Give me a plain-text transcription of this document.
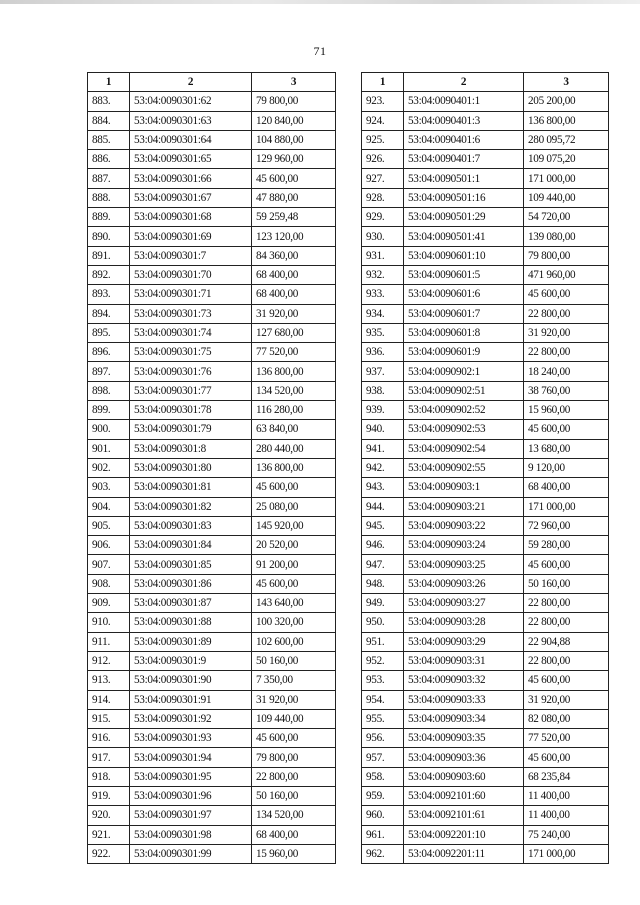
71
1	2	3
883.	53:04:0090301:62	79 800,00
884.	53:04:0090301:63	120 840,00
885.	53:04:0090301:64	104 880,00
886.	53:04:0090301:65	129 960,00
887.	53:04:0090301:66	45 600,00
888.	53:04:0090301:67	47 880,00
889.	53:04:0090301:68	59 259,48
890.	53:04:0090301:69	123 120,00
891.	53:04:0090301:7	84 360,00
892.	53:04:0090301:70	68 400,00
893.	53:04:0090301:71	68 400,00
894.	53:04:0090301:73	31 920,00
895.	53:04:0090301:74	127 680,00
896.	53:04:0090301:75	77 520,00
897.	53:04:0090301:76	136 800,00
898.	53:04:0090301:77	134 520,00
899.	53:04:0090301:78	116 280,00
900.	53:04:0090301:79	63 840,00
901.	53:04:0090301:8	280 440,00
902.	53:04:0090301:80	136 800,00
903.	53:04:0090301:81	45 600,00
904.	53:04:0090301:82	25 080,00
905.	53:04:0090301:83	145 920,00
906.	53:04:0090301:84	20 520,00
907.	53:04:0090301:85	91 200,00
908.	53:04:0090301:86	45 600,00
909.	53:04:0090301:87	143 640,00
910.	53:04:0090301:88	100 320,00
911.	53:04:0090301:89	102 600,00
912.	53:04:0090301:9	50 160,00
913.	53:04:0090301:90	7 350,00
914.	53:04:0090301:91	31 920,00
915.	53:04:0090301:92	109 440,00
916.	53:04:0090301:93	45 600,00
917.	53:04:0090301:94	79 800,00
918.	53:04:0090301:95	22 800,00
919.	53:04:0090301:96	50 160,00
920.	53:04:0090301:97	134 520,00
921.	53:04:0090301:98	68 400,00
922.	53:04:0090301:99	15 960,00
1	2	3
923.	53:04:0090401:1	205 200,00
924.	53:04:0090401:3	136 800,00
925.	53:04:0090401:6	280 095,72
926.	53:04:0090401:7	109 075,20
927.	53:04:0090501:1	171 000,00
928.	53:04:0090501:16	109 440,00
929.	53:04:0090501:29	54 720,00
930.	53:04:0090501:41	139 080,00
931.	53:04:0090601:10	79 800,00
932.	53:04:0090601:5	471 960,00
933.	53:04:0090601:6	45 600,00
934.	53:04:0090601:7	22 800,00
935.	53:04:0090601:8	31 920,00
936.	53:04:0090601:9	22 800,00
937.	53:04:0090902:1	18 240,00
938.	53:04:0090902:51	38 760,00
939.	53:04:0090902:52	15 960,00
940.	53:04:0090902:53	45 600,00
941.	53:04:0090902:54	13 680,00
942.	53:04:0090902:55	9 120,00
943.	53:04:0090903:1	68 400,00
944.	53:04:0090903:21	171 000,00
945.	53:04:0090903:22	72 960,00
946.	53:04:0090903:24	59 280,00
947.	53:04:0090903:25	45 600,00
948.	53:04:0090903:26	50 160,00
949.	53:04:0090903:27	22 800,00
950.	53:04:0090903:28	22 800,00
951.	53:04:0090903:29	22 904,88
952.	53:04:0090903:31	22 800,00
953.	53:04:0090903:32	45 600,00
954.	53:04:0090903:33	31 920,00
955.	53:04:0090903:34	82 080,00
956.	53:04:0090903:35	77 520,00
957.	53:04:0090903:36	45 600,00
958.	53:04:0090903:60	68 235,84
959.	53:04:0092101:60	11 400,00
960.	53:04:0092101:61	11 400,00
961.	53:04:0092201:10	75 240,00
962.	53:04:0092201:11	171 000,00
